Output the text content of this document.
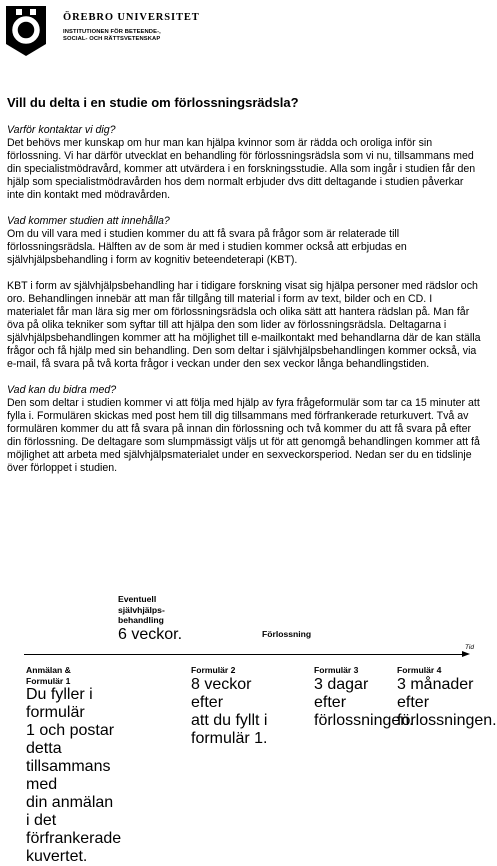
ÖREBRO UNIVERSITET
INSTITUTIONEN FÖR BETEENDE-,
SOCIAL- OCH RÄTTSVETENSKAP
Vill du delta i en studie om förlossningsrädsla?
Varför kontaktar vi dig?
Det behövs mer kunskap om hur man kan hjälpa kvinnor som är rädda och oroliga inför sin förlossning. Vi har därför utvecklat en behandling för förlossningsrädsla som vi nu, tillsammans med din specialistmödravård, kommer att utvärdera i en forskningsstudie. Alla som ingår i studien får den hjälp som specialistmödravården hos dem normalt erbjuder dvs ditt deltagande i studien påverkar inte din kontakt med mödravården.
Vad kommer studien att innehålla?
Om du vill vara med i studien kommer du att få svara på frågor som är relaterade till förlossningsrädsla. Hälften av de som är med i studien kommer också att erbjudas en självhjälpsbehandling i form av kognitiv beteendeterapi (KBT).
KBT i form av självhjälpsbehandling har i tidigare forskning visat sig hjälpa personer med rädslor och oro. Behandlingen innebär att man får tillgång till material i form av text, bilder och en CD. I materialet får man lära sig mer om förlossningsrädsla och olika sätt att hantera rädslan på. Man får öva på olika tekniker som syftar till att hjälpa den som lider av förlossningsrädsla. Deltagarna i självhjälpsbehandlingen kommer att ha möjlighet till e-mailkontakt med behandlarna där de kan ställa frågor och få hjälp med sin behandling. Den som deltar i självhjälpsbehandlingen kommer också, via e-mail, få svara på två korta frågor i veckan under den sex veckor långa behandlingstiden.
Vad kan du bidra med?
Den som deltar i studien kommer vi att följa med hjälp av fyra frågeformulär som tar ca 15 minuter att fylla i. Formulären skickas med post hem till dig tillsammans med förfrankerade returkuvert. Två av formulären kommer du att få svara på innan din förlossning och två kommer du att få svara på efter din förlossning. De deltagare som slumpmässigt väljs ut för att genomgå behandlingen kommer att få möjlighet att arbeta med självhjälpsmaterialet under en sexveckorsperiod. Nedan ser du en tidslinje över förloppet i studien.
Eventuell
självhjälps-
behandling
6 veckor.	Förlossning
Tid
Anmälan &
Formulär 1
Du fyller i formulär
1 och postar detta
tillsammans med
din anmälan i det
förfrankerade
kuvertet.
Formulär 2
8 veckor efter
att du fyllt i
formulär 1.
Formulär 3
3 dagar efter
förlossningen.
Formulär 4
3 månader efter
förlossningen.
